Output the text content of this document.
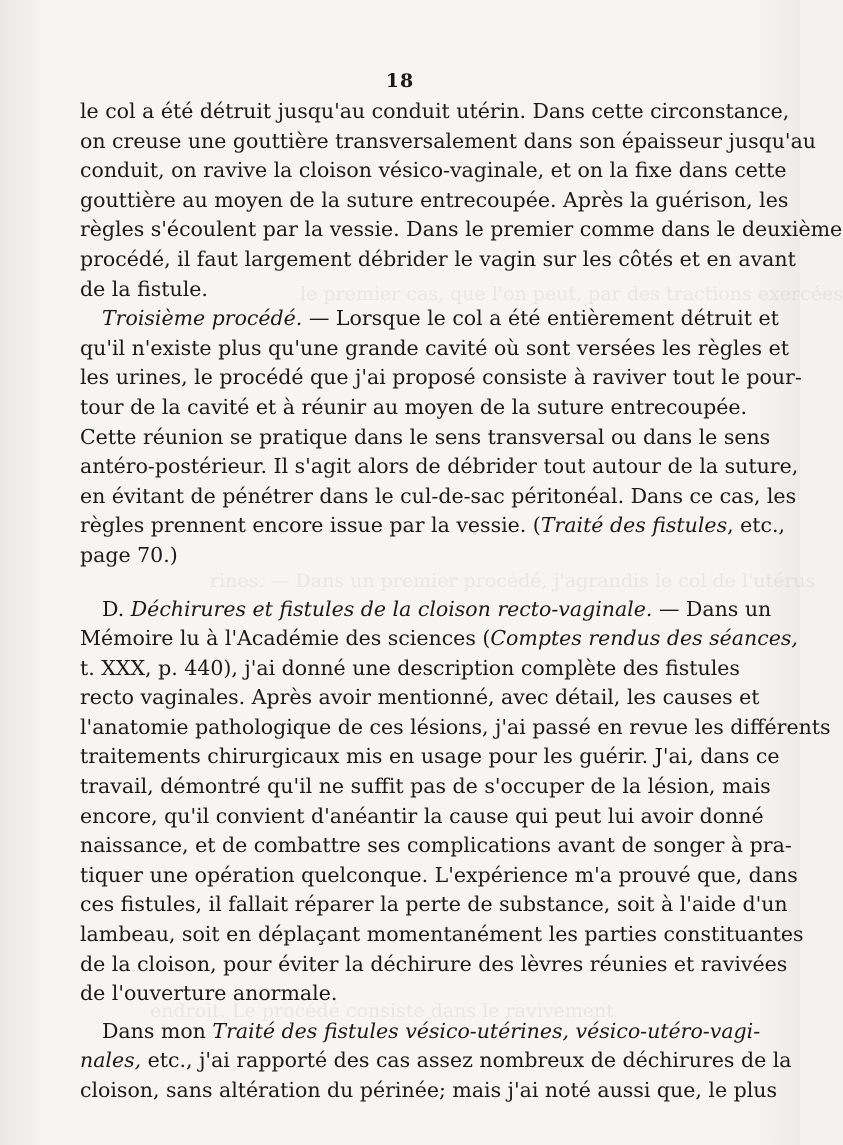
le premier cas, que l'on peut, par des tractions exercées
rines. — Dans un premier procédé, j'agrandis le col de l'utérus
endroit. Le procédé consiste dans le ravivement
18
le col a été détruit jusqu'au conduit utérin. Dans cette circonstance,
on creuse une gouttière transversalement dans son épaisseur jusqu'au
conduit, on ravive la cloison vésico-vaginale, et on la fixe dans cette
gouttière au moyen de la suture entrecoupée. Après la guérison, les
règles s'écoulent par la vessie. Dans le premier comme dans le deuxième
procédé, il faut largement débrider le vagin sur les côtés et en avant
de la fistule.
Troisième procédé. — Lorsque le col a été entièrement détruit et
qu'il n'existe plus qu'une grande cavité où sont versées les règles et
les urines, le procédé que j'ai proposé consiste à raviver tout le pour-
tour de la cavité et à réunir au moyen de la suture entrecoupée.
Cette réunion se pratique dans le sens transversal ou dans le sens
antéro-postérieur. Il s'agit alors de débrider tout autour de la suture,
en évitant de pénétrer dans le cul-de-sac péritonéal. Dans ce cas, les
règles prennent encore issue par la vessie. (Traité des fistules, etc.,
page 70.)
D. Déchirures et fistules de la cloison recto-vaginale. — Dans un
Mémoire lu à l'Académie des sciences (Comptes rendus des séances,
t. XXX, p. 440), j'ai donné une description complète des fistules
recto vaginales. Après avoir mentionné, avec détail, les causes et
l'anatomie pathologique de ces lésions, j'ai passé en revue les différents
traitements chirurgicaux mis en usage pour les guérir. J'ai, dans ce
travail, démontré qu'il ne suffit pas de s'occuper de la lésion, mais
encore, qu'il convient d'anéantir la cause qui peut lui avoir donné
naissance, et de combattre ses complications avant de songer à pra-
tiquer une opération quelconque. L'expérience m'a prouvé que, dans
ces fistules, il fallait réparer la perte de substance, soit à l'aide d'un
lambeau, soit en déplaçant momentanément les parties constituantes
de la cloison, pour éviter la déchirure des lèvres réunies et ravivées
de l'ouverture anormale.
Dans mon Traité des fistules vésico-utérines, vésico-utéro-vagi-
nales, etc., j'ai rapporté des cas assez nombreux de déchirures de la
cloison, sans altération du périnée; mais j'ai noté aussi que, le plus
